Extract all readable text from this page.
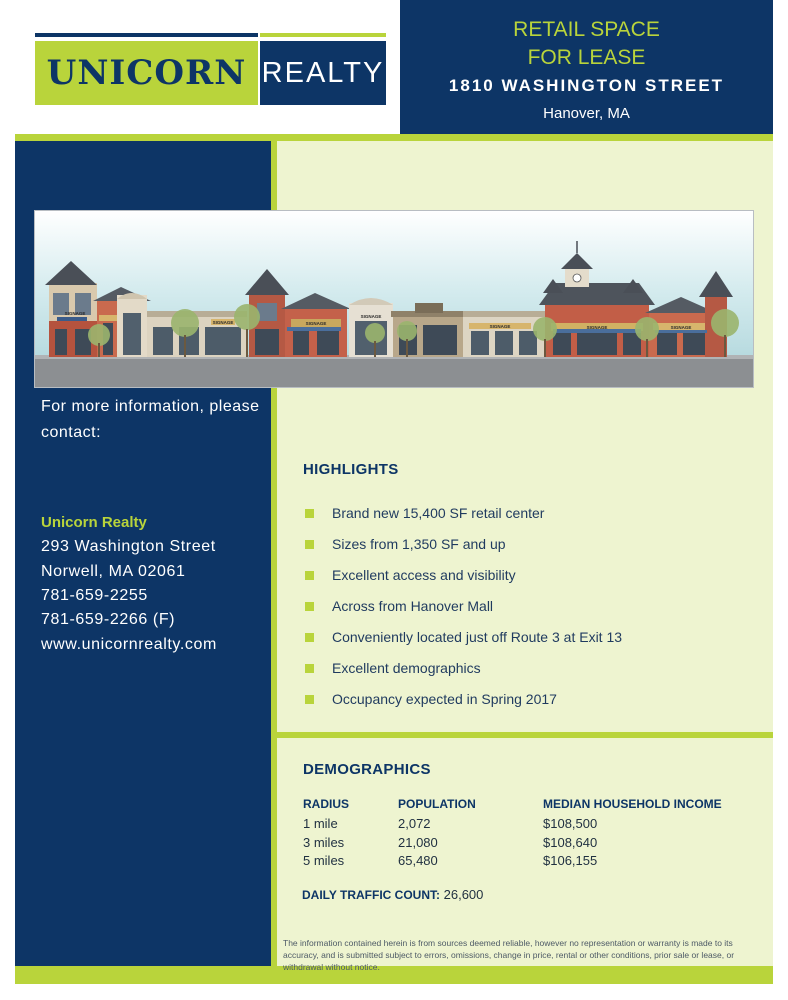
UNICORN REALTY
RETAIL SPACE
FOR LEASE
1810 WASHINGTON STREET
Hanover, MA
SIGNAGE
SIGNAGE	SIGNAGE
SIGNAGE
SIGNAGE	SIGNAGE	SIGNAGE
For more information, please contact:
Unicorn Realty
293 Washington Street
Norwell, MA 02061
781-659-2255
781-659-2266 (F)
www.unicornrealty.com
HIGHLIGHTS
Brand new 15,400 SF retail center
Sizes from 1,350 SF and up
Excellent access and visibility
Across from Hanover Mall
Conveniently located just off Route 3 at Exit 13
Excellent demographics
Occupancy expected in Spring 2017
DEMOGRAPHICS
RADIUS	POPULATION	MEDIAN HOUSEHOLD INCOME
1 mile	2,072	$108,500
3 miles	21,080	$108,640
5 miles	65,480	$106,155
DAILY TRAFFIC COUNT: 26,600
The information contained herein is from sources deemed reliable, however no representation or warranty is made to its accuracy, and is submitted subject to errors, omissions, change in price, rental or other conditions, prior sale or lease, or withdrawal without notice.
